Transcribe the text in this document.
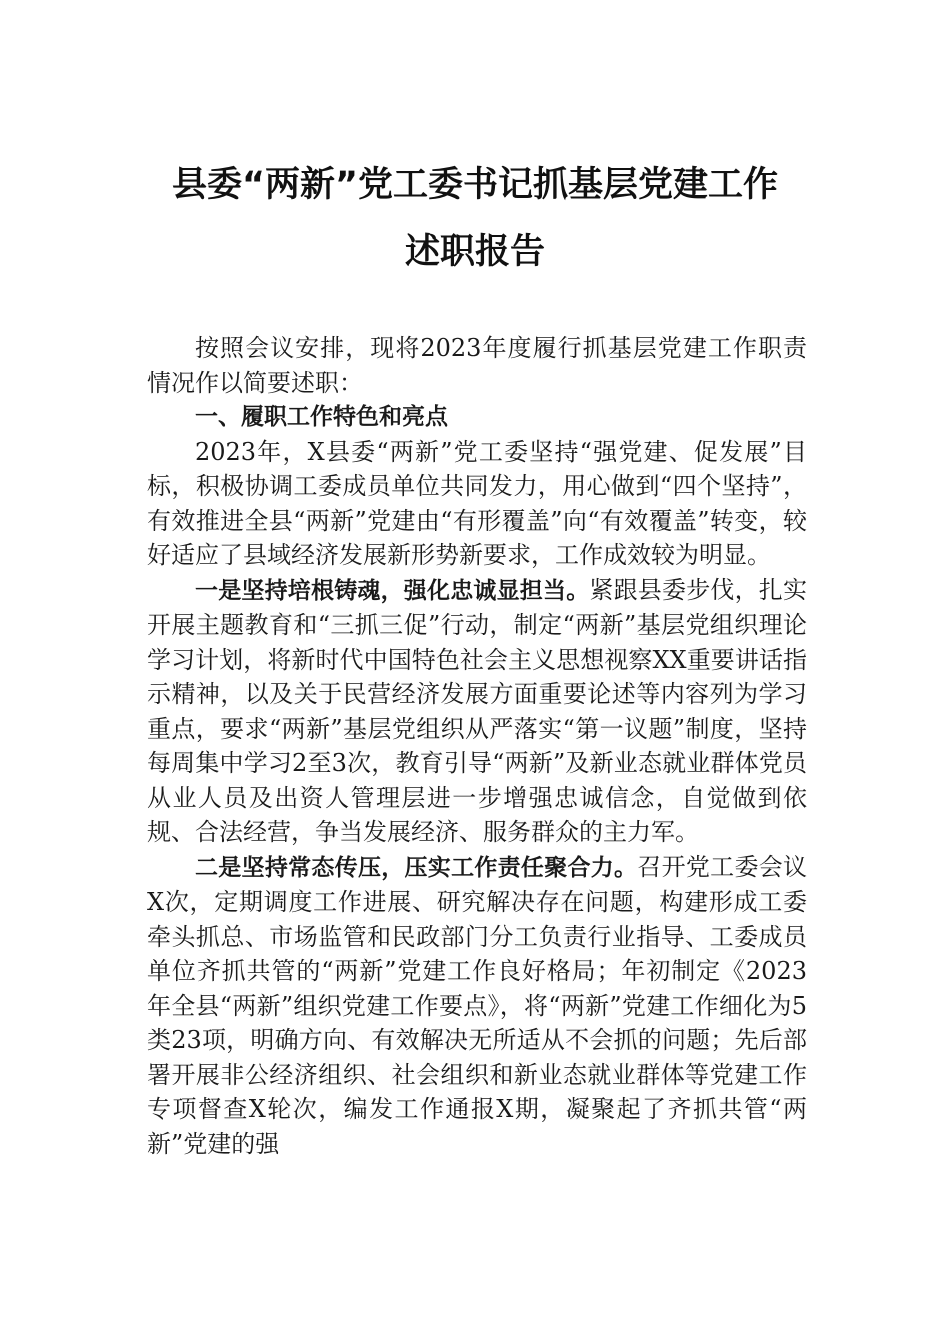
县委“两新”党工委书记抓基层党建工作
述职报告

按照会议安排，现将2023年度履行抓基层党建工作职责情况作以简要述职：

一、履职工作特色和亮点

2023年，X县委“两新”党工委坚持“强党建、促发展”目标，积极协调工委成员单位共同发力，用心做到“四个坚持”，有效推进全县“两新”党建由“有形覆盖”向“有效覆盖”转变，较好适应了县域经济发展新形势新要求，工作成效较为明显。

一是坚持培根铸魂，强化忠诚显担当。紧跟县委步伐，扎实开展主题教育和“三抓三促”行动，制定“两新”基层党组织理论学习计划，将新时代中国特色社会主义思想视察XX重要讲话指示精神，以及关于民营经济发展方面重要论述等内容列为学习重点，要求“两新”基层党组织从严落实“第一议题”制度，坚持每周集中学习2至3次，教育引导“两新”及新业态就业群体党员从业人员及出资人管理层进一步增强忠诚信念，自觉做到依规、合法经营，争当发展经济、服务群众的主力军。

二是坚持常态传压，压实工作责任聚合力。召开党工委会议X次，定期调度工作进展、研究解决存在问题，构建形成工委牵头抓总、市场监管和民政部门分工负责行业指导、工委成员单位齐抓共管的“两新”党建工作良好格局；年初制定《2023年全县“两新”组织党建工作要点》，将“两新”党建工作细化为5类23项，明确方向、有效解决无所适从不会抓的问题；先后部署开展非公经济组织、社会组织和新业态就业群体等党建工作专项督查X轮次，编发工作通报X期，凝聚起了齐抓共管“两新”党建的强
